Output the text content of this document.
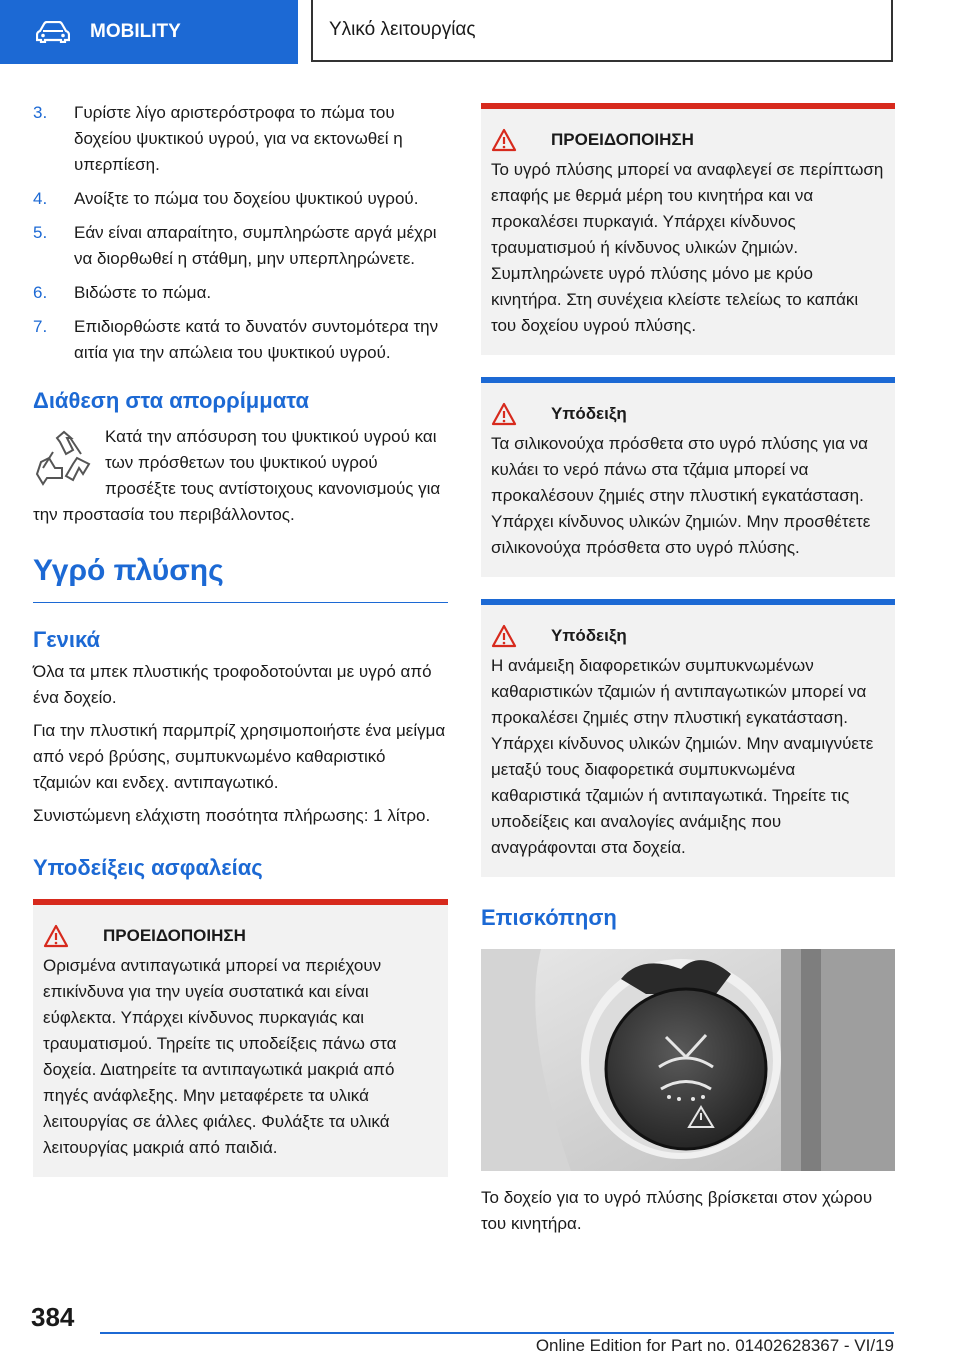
MOBILITY	Υλικό λειτουργίας
3.	Γυρίστε λίγο αριστερόστροφα το πώμα του δοχείου ψυκτικού υγρού, για να εκτονωθεί η υπερπίεση.
4.	Ανοίξτε το πώμα του δοχείου ψυκτικού υγρού.
5.	Εάν είναι απαραίτητο, συμπληρώστε αργά μέχρι να διορθωθεί η στάθμη, μην υπερπληρώνετε.
6.	Βιδώστε το πώμα.
7.	Επιδιορθώστε κατά το δυνατόν συντομότερα την αιτία για την απώλεια του ψυκτικού υγρού.
Διάθεση στα απορρίμματα

Κατά την απόσυρση του ψυκτικού υγρού και των πρόσθετων του ψυκτικού υγρού προσέξτε τους αντίστοιχους κανονισμούς για την προστασία του περιβάλλοντος.

Υγρό πλύσης
Γενικά

Όλα τα μπεκ πλυστικής τροφοδοτούνται με υγρό από ένα δοχείο.

Για την πλυστική παρμπρίζ χρησιμοποιήστε ένα μείγμα από νερό βρύσης, συμπυκνωμένο καθαριστικό τζαμιών και ενδεχ. αντιπαγωτικό.

Συνιστώμενη ελάχιστη ποσότητα πλήρωσης: 1 λίτρο.

Υποδείξεις ασφαλείας
ΠΡΟΕΙΔΟΠΟΙΗΣΗ
Ορισμένα αντιπαγωτικά μπορεί να περιέχουν επικίνδυνα για την υγεία συστατικά και είναι εύφλεκτα. Υπάρχει κίνδυνος πυρκαγιάς και τραυματισμού. Τηρείτε τις υποδείξεις πάνω στα δοχεία. Διατηρείτε τα αντιπαγωτικά μακριά από πηγές ανάφλεξης. Μην μεταφέρετε τα υλικά λειτουργίας σε άλλες φιάλες. Φυλάξτε τα υλικά λειτουργίας μακριά από παιδιά.
ΠΡΟΕΙΔΟΠΟΙΗΣΗ
Το υγρό πλύσης μπορεί να αναφλεγεί σε περίπτωση επαφής με θερμά μέρη του κινητήρα και να προκαλέσει πυρκαγιά. Υπάρχει κίνδυνος τραυματισμού ή κίνδυνος υλικών ζημιών. Συμπληρώνετε υγρό πλύσης μόνο με κρύο κινητήρα. Στη συνέχεια κλείστε τελείως το καπάκι του δοχείου υγρού πλύσης.
Υπόδειξη
Τα σιλικονούχα πρόσθετα στο υγρό πλύσης για να κυλάει το νερό πάνω στα τζάμια μπορεί να προκαλέσουν ζημιές στην πλυστική εγκατάσταση. Υπάρχει κίνδυνος υλικών ζημιών. Μην προσθέτετε σιλικονούχα πρόσθετα στο υγρό πλύσης.
Υπόδειξη
Η ανάμειξη διαφορετικών συμπυκνωμένων καθαριστικών τζαμιών ή αντιπαγωτικών μπορεί να προκαλέσει ζημιές στην πλυστική εγκατάσταση. Υπάρχει κίνδυνος υλικών ζημιών. Μην αναμιγνύετε μεταξύ τους διαφορετικά συμπυκνωμένα καθαριστικά τζαμιών ή αντιπαγωτικά. Τηρείτε τις υποδείξεις και αναλογίες ανάμιξης που αναγράφονται στα δοχεία.
Επισκόπηση

Το δοχείο για το υγρό πλύσης βρίσκεται στον χώρου του κινητήρα.

384
Online Edition for Part no. 01402628367 - VI/19
